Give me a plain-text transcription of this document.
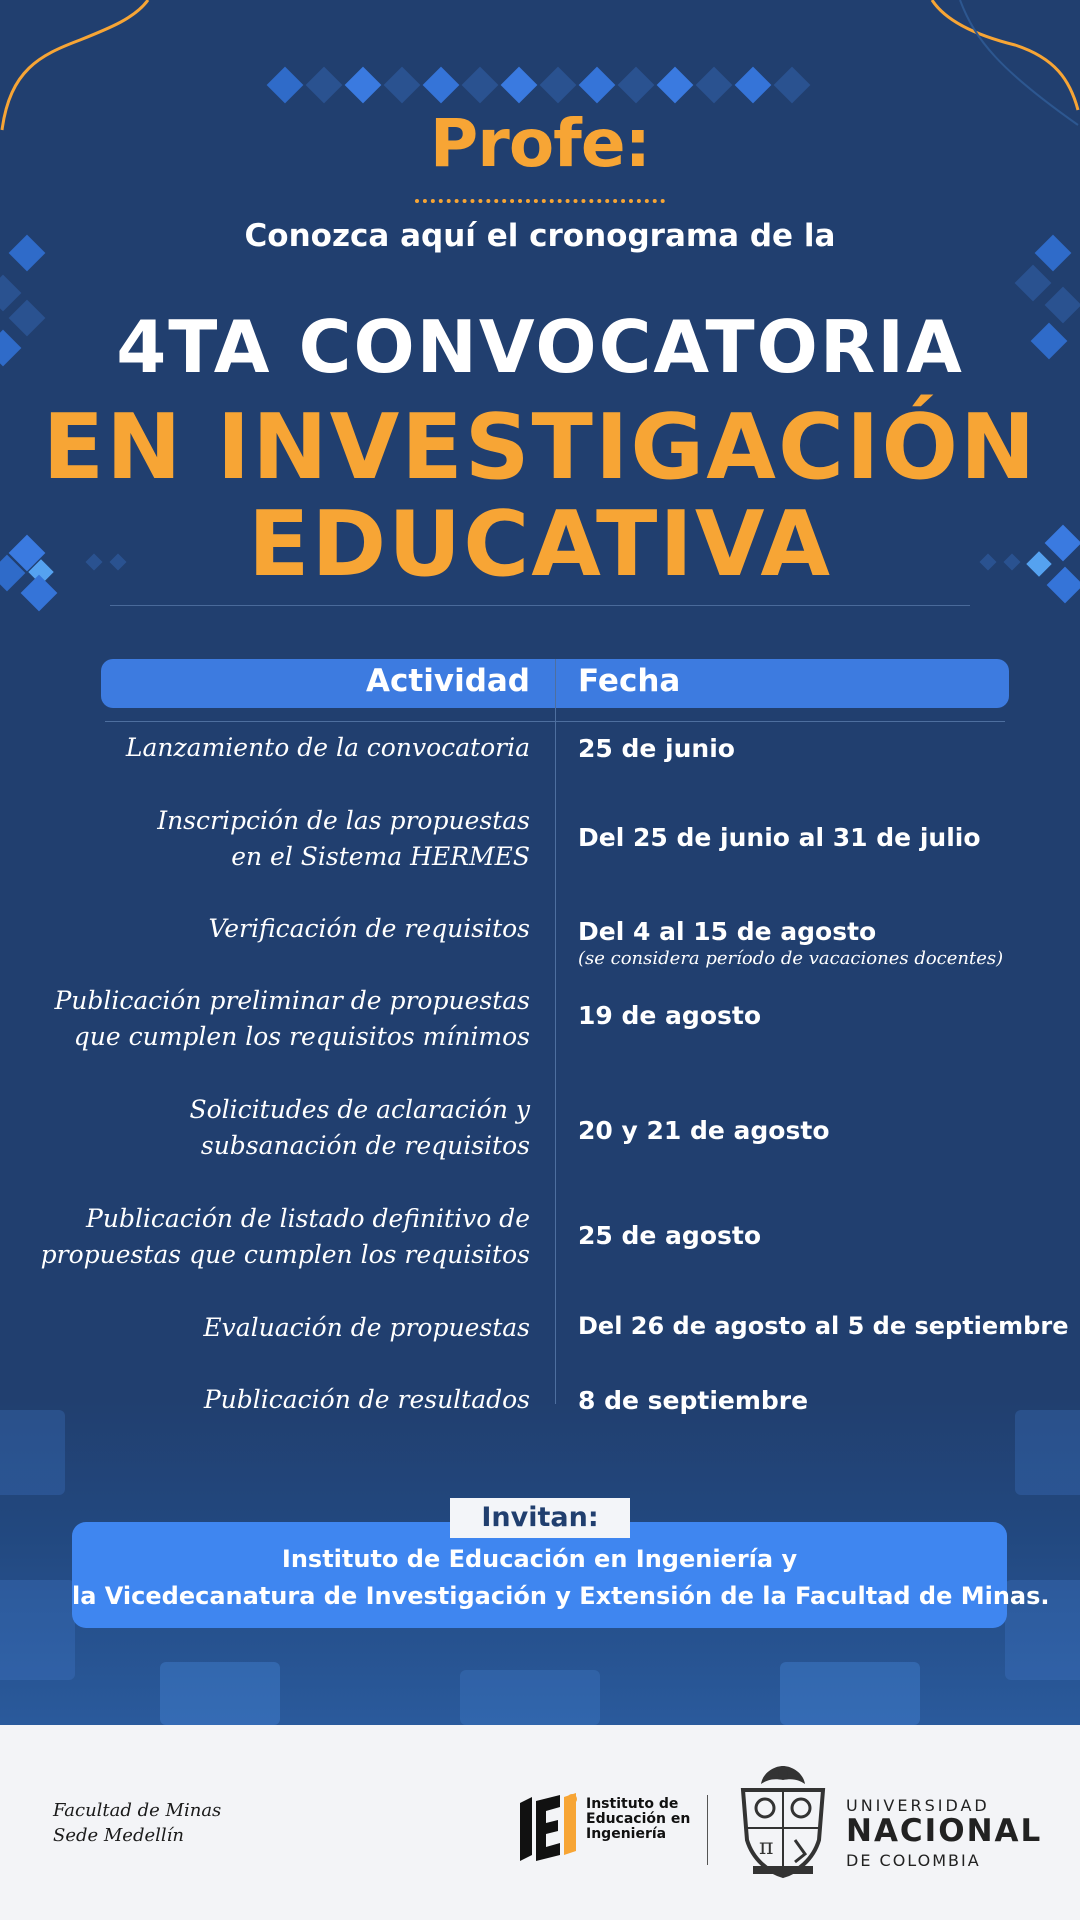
Profe:
Conozca aquí el cronograma de la
4TA CONVOCATORIA
EN INVESTIGACIÓN
EDUCATIVA
Actividad Fecha
Lanzamiento de la convocatoria 25 de junio
Inscripción de las propuestas
en el Sistema HERMES
Del 25 de junio al 31 de julio
Verificación de requisitos Del 4 al 15 de agosto
(se considera período de vacaciones docentes)
Publicación preliminar de propuestas
que cumplen los requisitos mínimos
19 de agosto
Solicitudes de aclaración y
subsanación de requisitos
20 y 21 de agosto
Publicación de listado definitivo de
propuestas que cumplen los requisitos
25 de agosto
Evaluación de propuestas Del 26 de agosto al 5 de septiembre
Publicación de resultados 8 de septiembre
Invitan:
Instituto de Educación en Ingeniería y
la Vicedecanatura de Investigación y Extensión de la Facultad de Minas.
Facultad de Minas
Sede Medellín
Instituto de
Educación en
Ingeniería
π
UNIVERSIDAD
NACIONAL
DE COLOMBIA
